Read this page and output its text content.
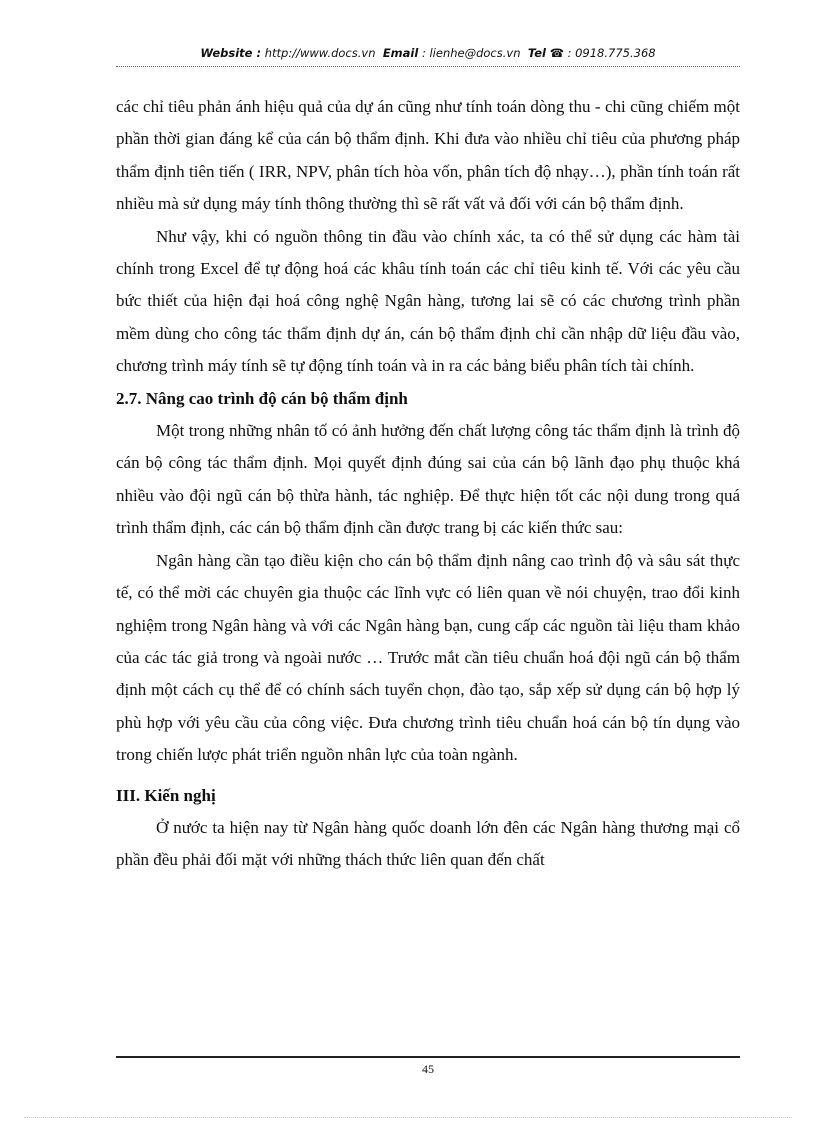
Website : http://www.docs.vn Email : lienhe@docs.vn Tel ☎ : 0918.775.368

các chỉ tiêu phản ánh hiệu quả của dự án cũng như tính toán dòng thu - chi cũng chiếm một phần thời gian đáng kể của cán bộ thẩm định. Khi đưa vào nhiều chỉ tiêu của phương pháp thẩm định tiên tiến ( IRR, NPV, phân tích hòa vốn, phân tích độ nhạy…), phần tính toán rất nhiều mà sử dụng máy tính thông thường thì sẽ rất vất vả đối với cán bộ thẩm định.

Như vậy, khi có nguồn thông tin đầu vào chính xác, ta có thể sử dụng các hàm tài chính trong Excel để tự động hoá các khâu tính toán các chỉ tiêu kinh tế. Với các yêu cầu bức thiết của hiện đại hoá công nghệ Ngân hàng, tương lai sẽ có các chương trình phần mềm dùng cho công tác thẩm định dự án, cán bộ thẩm định chỉ cần nhập dữ liệu đầu vào, chương trình máy tính sẽ tự động tính toán và in ra các bảng biểu phân tích tài chính.

2.7. Nâng cao trình độ cán bộ thẩm định

Một trong những nhân tố có ảnh hưởng đến chất lượng công tác thẩm định là trình độ cán bộ công tác thẩm định. Mọi quyết định đúng sai của cán bộ lãnh đạo phụ thuộc khá nhiều vào đội ngũ cán bộ thừa hành, tác nghiệp. Để thực hiện tốt các nội dung trong quá trình thẩm định, các cán bộ thẩm định cần được trang bị các kiến thức sau:

Ngân hàng cần tạo điều kiện cho cán bộ thẩm định nâng cao trình độ và sâu sát thực tế, có thể mời các chuyên gia thuộc các lĩnh vực có liên quan về nói chuyện, trao đổi kinh nghiệm trong Ngân hàng và với các Ngân hàng bạn, cung cấp các nguồn tài liệu tham khảo của các tác giả trong và ngoài nước … Trước mắt cần tiêu chuẩn hoá đội ngũ cán bộ thẩm định một cách cụ thể để có chính sách tuyển chọn, đào tạo, sắp xếp sử dụng cán bộ hợp lý phù hợp với yêu cầu của công việc. Đưa chương trình tiêu chuẩn hoá cán bộ tín dụng vào trong chiến lược phát triển nguồn nhân lực của toàn ngành.

III. Kiến nghị

Ở nước ta hiện nay từ Ngân hàng quốc doanh lớn đên các Ngân hàng thương mại cổ phần đều phải đối mặt với những thách thức liên quan đến chất

45
